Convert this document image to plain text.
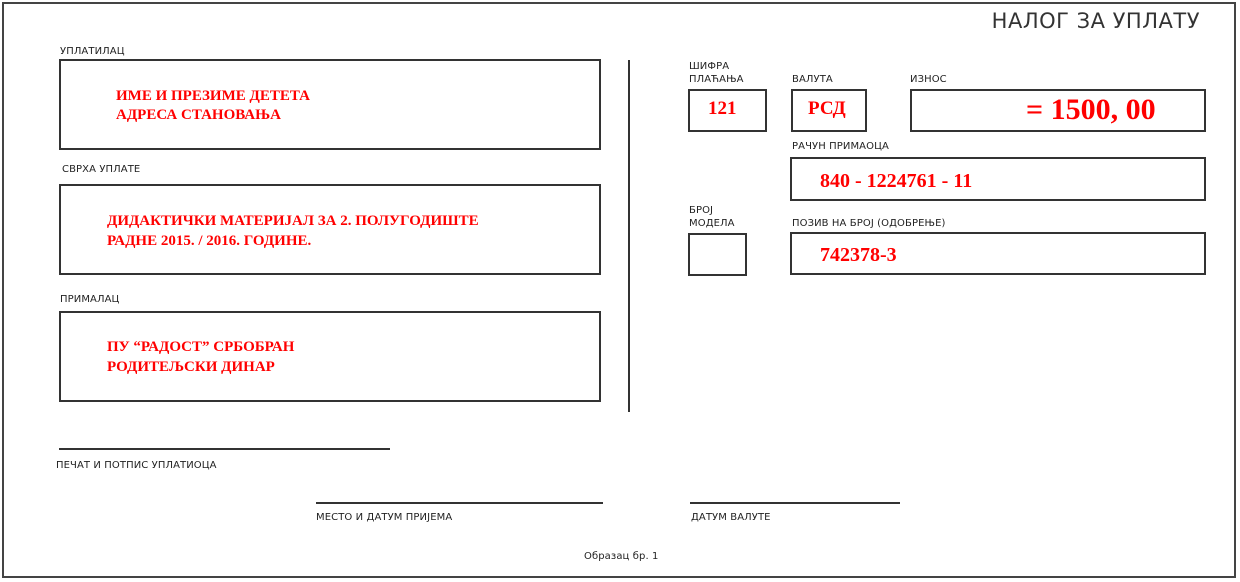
НАЛОГ ЗА УПЛАТУ
УПЛАТИЛАЦ
ИМЕ И ПРЕЗИМЕ ДЕТЕТА
АДРЕСА СТАНОВАЊА
СВРХА УПЛАТЕ
ДИДАКТИЧКИ МАТЕРИЈАЛ ЗА 2. ПОЛУГОДИШТЕ
РАДНЕ 2015. / 2016. ГОДИНЕ.
ПРИМАЛАЦ
ПУ “РАДОСТ” СРБОБРАН
РОДИТЕЉСКИ ДИНАР
ШИФРА
ПЛАЋАЊА
121
ВАЛУТА
РСД
ИЗНОС
= 1500, 00
РАЧУН ПРИМАОЦА
840 - 1224761 - 11
БРОЈ
МОДЕЛА	ПОЗИВ НА БРОЈ (ОДОБРЕЊЕ)
742378-3
ПЕЧАТ И ПОТПИС УПЛАТИОЦА
МЕСТО И ДАТУМ ПРИЈЕМА	ДАТУМ ВАЛУТЕ
Образац бр. 1
